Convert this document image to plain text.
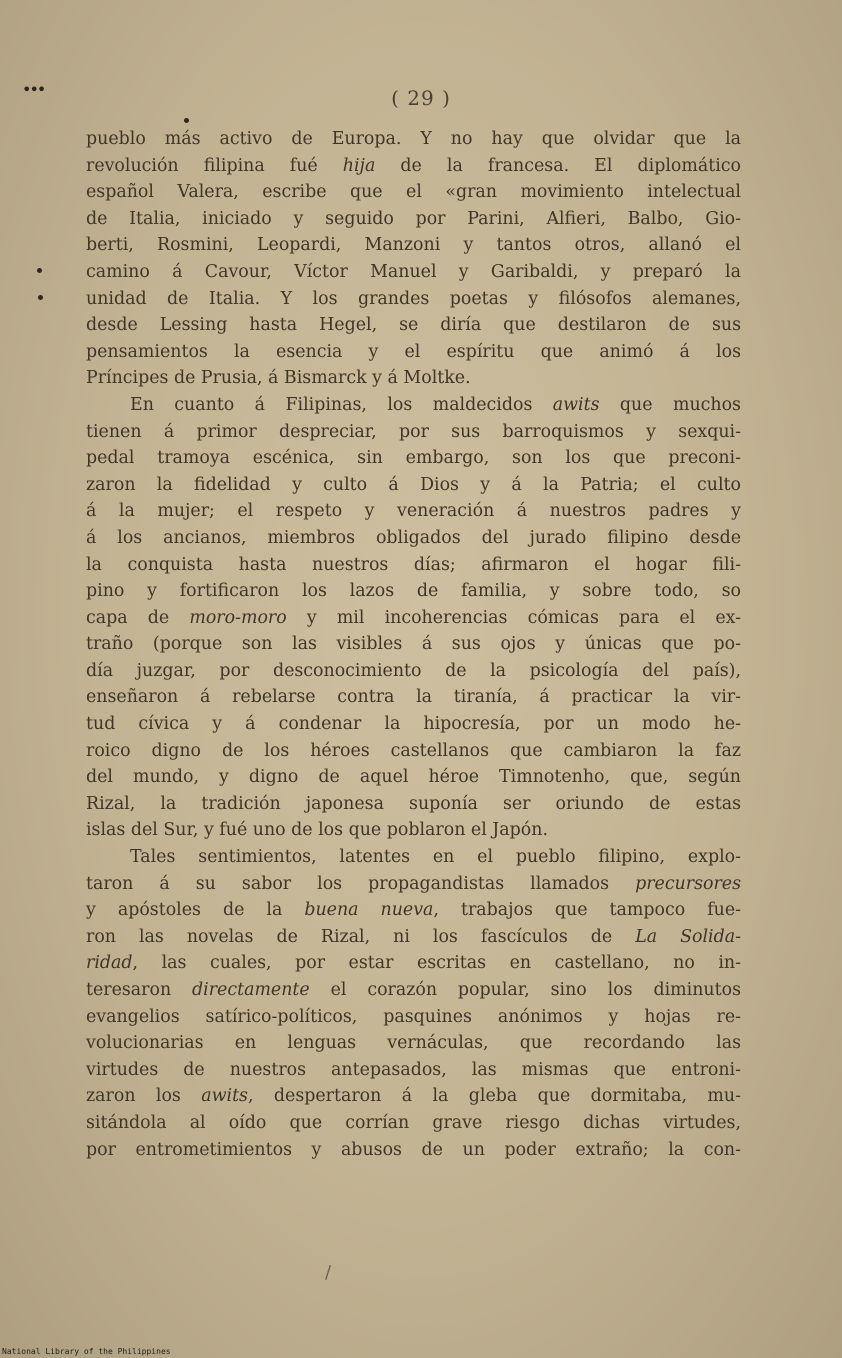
•••
/
( 29 )
pueblo más activo de Europa. Y no hay que olvidar que la
revolución filipina fué hija de la francesa. El diplomático
español Valera, escribe que el «gran movimiento intelectual
de Italia, iniciado y seguido por Parini, Alfieri, Balbo, Gio-
berti, Rosmini, Leopardi, Manzoni y tantos otros, allanó el
camino á Cavour, Víctor Manuel y Garibaldi, y preparó la
unidad de Italia. Y los grandes poetas y filósofos alemanes,
desde Lessing hasta Hegel, se diría que destilaron de sus
pensamientos la esencia y el espíritu que animó á los
Príncipes de Prusia, á Bismarck y á Moltke.
En cuanto á Filipinas, los maldecidos awits que muchos
tienen á primor despreciar, por sus barroquismos y sexqui-
pedal tramoya escénica, sin embargo, son los que preconi-
zaron la fidelidad y culto á Dios y á la Patria; el culto
á la mujer; el respeto y veneración á nuestros padres y
á los ancianos, miembros obligados del jurado filipino desde
la conquista hasta nuestros días; afirmaron el hogar fili-
pino y fortificaron los lazos de familia, y sobre todo, so
capa de moro-moro y mil incoherencias cómicas para el ex-
traño (porque son las visibles á sus ojos y únicas que po-
día juzgar, por desconocimiento de la psicología del país),
enseñaron á rebelarse contra la tiranía, á practicar la vir-
tud cívica y á condenar la hipocresía, por un modo he-
roico digno de los héroes castellanos que cambiaron la faz
del mundo, y digno de aquel héroe Timnotenho, que, según
Rizal, la tradición japonesa suponía ser oriundo de estas
islas del Sur, y fué uno de los que poblaron el Japón.
Tales sentimientos, latentes en el pueblo filipino, explo-
taron á su sabor los propagandistas llamados precursores
y apóstoles de la buena nueva, trabajos que tampoco fue-
ron las novelas de Rizal, ni los fascículos de La Solida-
ridad, las cuales, por estar escritas en castellano, no in-
teresaron directamente el corazón popular, sino los diminutos
evangelios satírico-políticos, pasquines anónimos y hojas re-
volucionarias en lenguas vernáculas, que recordando las
virtudes de nuestros antepasados, las mismas que entroni-
zaron los awits, despertaron á la gleba que dormitaba, mu-
sitándola al oído que corrían grave riesgo dichas virtudes,
por entrometimientos y abusos de un poder extraño; la con-
National Library of the Philippines
